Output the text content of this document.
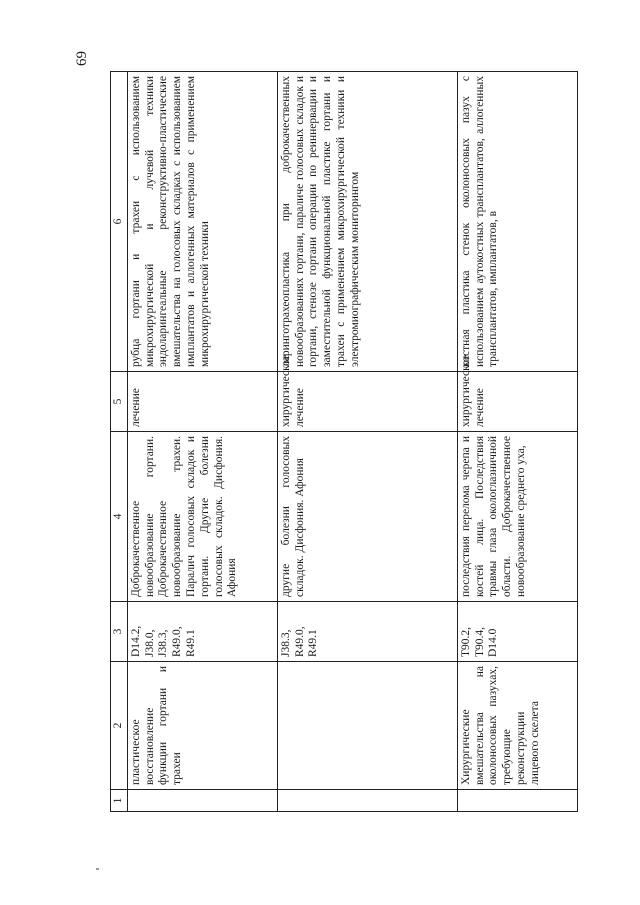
69
1	2	3	4	5	6
	пластическое восстановление функции гортани и трахеи	D14.2, J38.0, J38.3, R49.0, R49.1	Доброкачественное новообразование гортани. Доброкачественное новообразование трахеи. Паралич голосовых складок и гортани. Другие болезни голосовых складок. Дисфония. Афония	лечение	рубца гортани и трахеи с использованием микрохирургической и лучевой техники эндоларингеальные реконструктивно-пластические вмешательства на голосовых складках с использованием имплантатов и аллогенных материалов с применением микрохирургической техники
		J38.3, R49.0, R49.1	другие болезни голосовых складок. Дисфония. Афония	хирургическое лечение	ларинготрахеопластика при доброкачественных новообразованиях гортани, параличе голосовых складок и гортани, стенозе гортани операции по реиннервации и заместительной функциональной пластике гортани и трахеи с применением микрохирургической техники и электромиографическим мониторингом
	Хирургические вмешательства на околоносовых пазухах, требующие реконструкции лицевого скелета	T90.2, T90.4, D14.0	последствия перелома черепа и костей лица. Последствия травмы глаза окологлазничной области. Доброкачественное новообразование среднего уха,	хирургическое лечение	костная пластика стенок околоносовых пазух с использованием аутокостных трансплантатов, аллогенных трансплантатов, имплантатов, в
